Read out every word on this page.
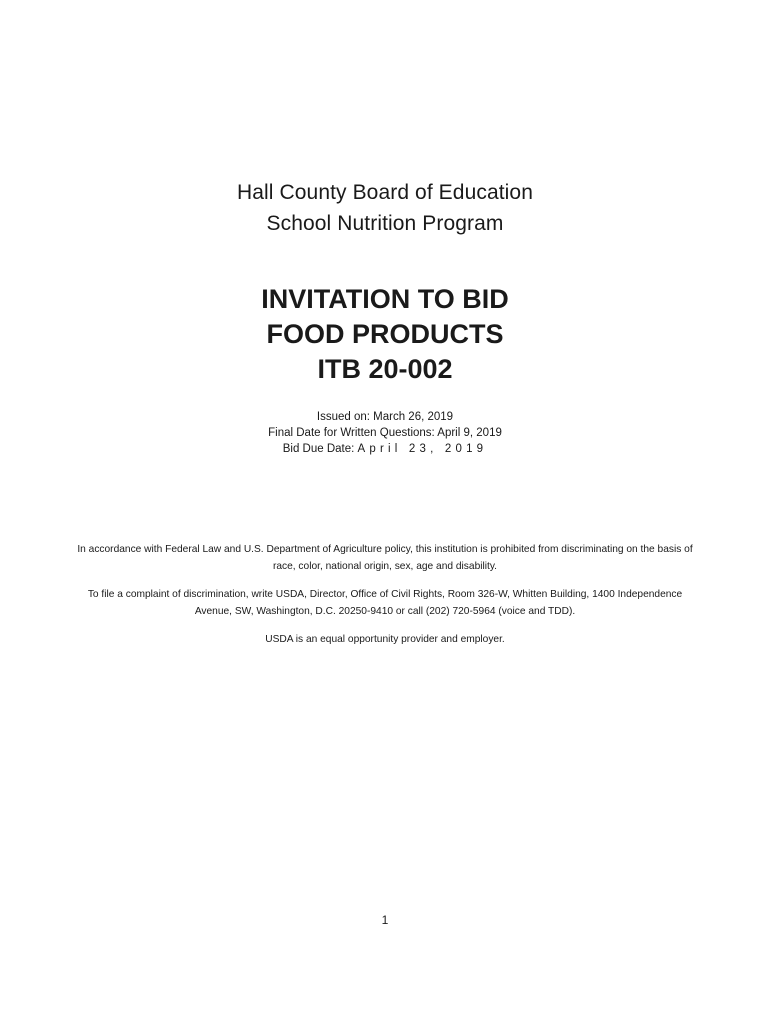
Hall County Board of Education
School Nutrition Program
INVITATION TO BID
FOOD PRODUCTS
ITB 20-002
Issued on: March 26, 2019
Final Date for Written Questions: April 9, 2019
Bid Due Date: April 23, 2019

In accordance with Federal Law and U.S. Department of Agriculture policy, this institution is prohibited from discriminating on the basis of race, color, national origin, sex, age and disability.

To file a complaint of discrimination, write USDA, Director, Office of Civil Rights, Room 326-W, Whitten Building, 1400 Independence Avenue, SW, Washington, D.C. 20250-9410 or call (202) 720-5964 (voice and TDD).

USDA is an equal opportunity provider and employer.

1
